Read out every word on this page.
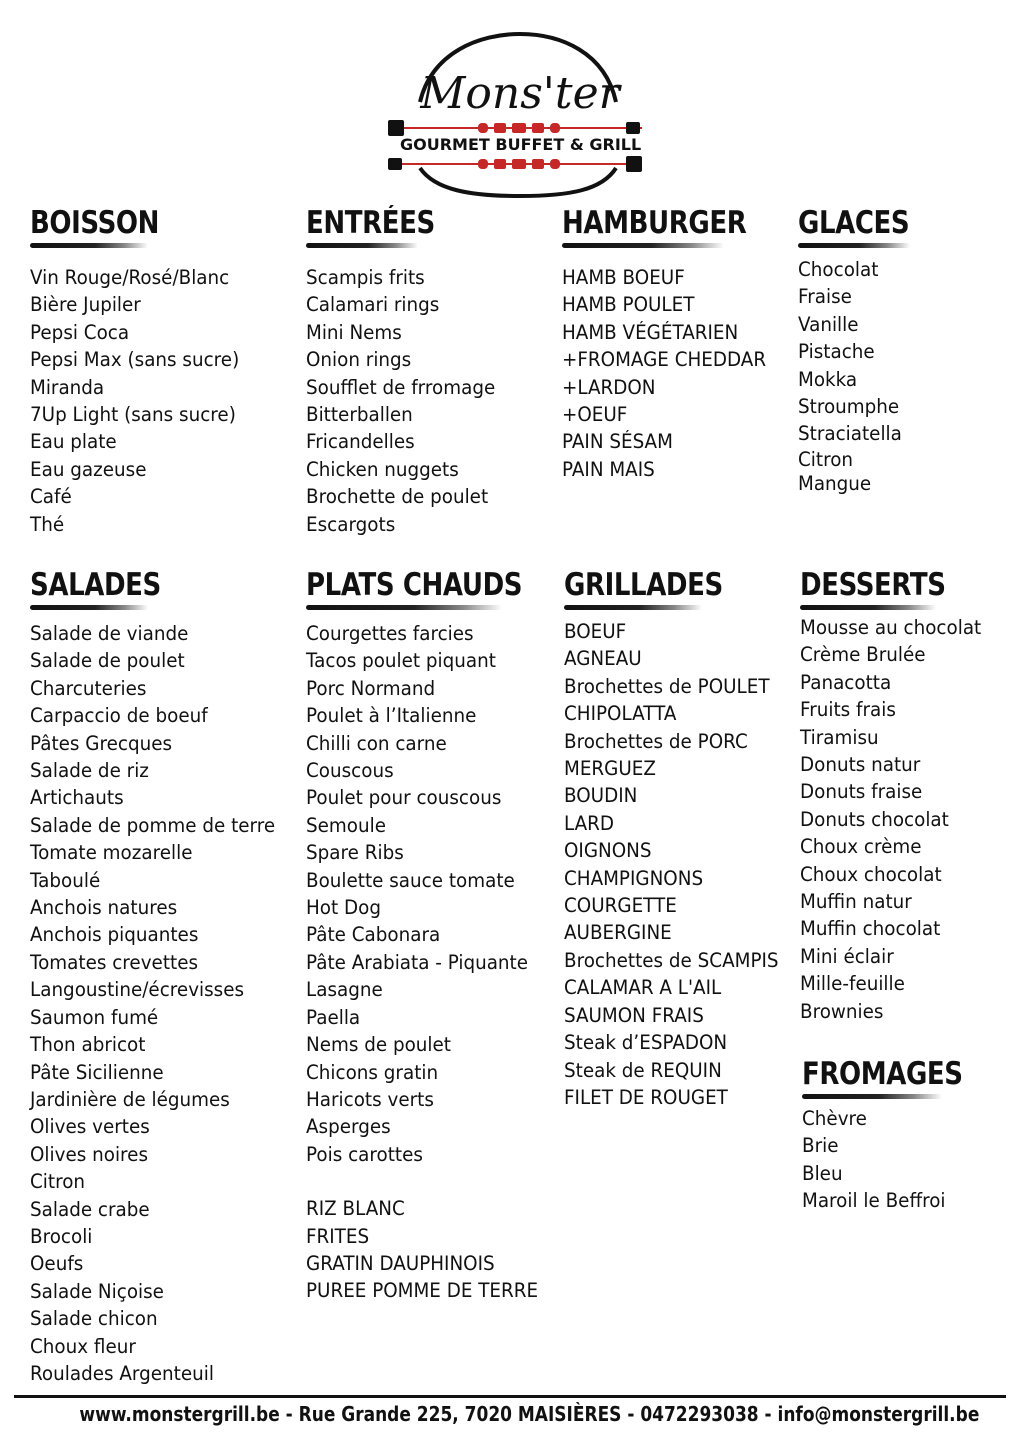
Mons'ter
GOURMET BUFFET & GRILL
BOISSON
Vin Rouge/Rosé/Blanc
Bière Jupiler
Pepsi Coca
Pepsi Max (sans sucre)
Miranda
7Up Light (sans sucre)
Eau plate
Eau gazeuse
Café
Thé
ENTRÉES
Scampis frits
Calamari rings
Mini Nems
Onion rings
Soufflet de frromage
Bitterballen
Fricandelles
Chicken nuggets
Brochette de poulet
Escargots
HAMBURGER
HAMB BOEUF
HAMB POULET
HAMB VÉGÉTARIEN
+FROMAGE CHEDDAR
+LARDON
+OEUF
PAIN SÉSAM
PAIN MAIS
GLACES
Chocolat
Fraise
Vanille
Pistache
Mokka
Stroumphe
Straciatella
Citron
Mangue
SALADES
Salade de viande
Salade de poulet
Charcuteries
Carpaccio de boeuf
Pâtes Grecques
Salade de riz
Artichauts
Salade de pomme de terre
Tomate mozarelle
Taboulé
Anchois natures
Anchois piquantes
Tomates crevettes
Langoustine/écrevisses
Saumon fumé
Thon abricot
Pâte Sicilienne
Jardinière de légumes
Olives vertes
Olives noires
Citron
Salade crabe
Brocoli
Oeufs
Salade Niçoise
Salade chicon
Choux fleur
Roulades Argenteuil
PLATS CHAUDS
Courgettes farcies
Tacos poulet piquant
Porc Normand
Poulet à l’Italienne
Chilli con carne
Couscous
Poulet pour couscous
Semoule
Spare Ribs
Boulette sauce tomate
Hot Dog
Pâte Cabonara
Pâte Arabiata - Piquante
Lasagne
Paella
Nems de poulet
Chicons gratin
Haricots verts
Asperges
Pois carottes
RIZ BLANC
FRITES
GRATIN DAUPHINOIS
PUREE POMME DE TERRE
GRILLADES
BOEUF
AGNEAU
Brochettes de POULET
CHIPOLATTA
Brochettes de PORC
MERGUEZ
BOUDIN
LARD
OIGNONS
CHAMPIGNONS
COURGETTE
AUBERGINE
Brochettes de SCAMPIS
CALAMAR A L'AIL
SAUMON FRAIS
Steak d’ESPADON
Steak de REQUIN
FILET DE ROUGET
DESSERTS
Mousse au chocolat
Crème Brulée
Panacotta
Fruits frais
Tiramisu
Donuts natur
Donuts fraise
Donuts chocolat
Choux crème
Choux chocolat
Muffin natur
Muffin chocolat
Mini éclair
Mille-feuille
Brownies
FROMAGES
Chèvre
Brie
Bleu
Maroil le Beffroi
www.monstergrill.be - Rue Grande 225, 7020 MAISIÈRES - 0472293038 - info@monstergrill.be
